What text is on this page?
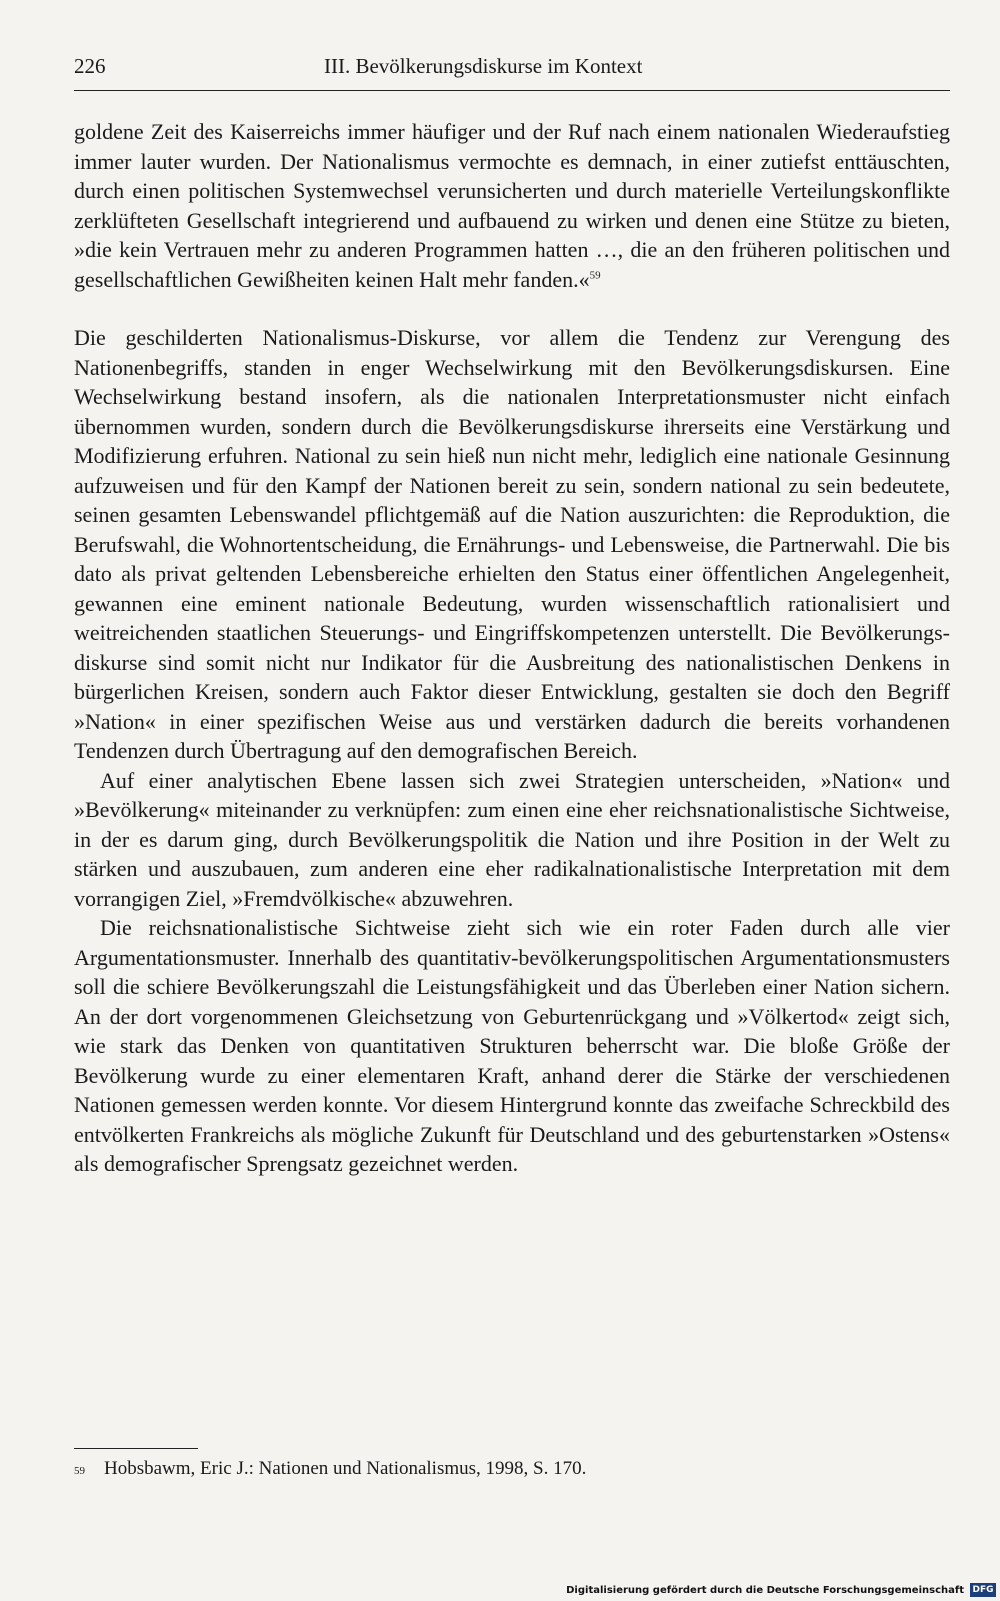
226	III. Bevölkerungsdiskurse im Kontext

goldene Zeit des Kaiserreichs immer häufiger und der Ruf nach einem nationalen Wiederaufstieg immer lauter wurden. Der Nationalismus vermochte es demnach, in einer zutiefst enttäuschten, durch einen politischen Systemwechsel verunsicherten und durch materielle Verteilungskonflikte zerklüfteten Gesellschaft integrierend und aufbauend zu wirken und denen eine Stütze zu bieten, »die kein Vertrauen mehr zu anderen Programmen hatten …, die an den früheren politischen und gesellschaftlichen Gewißheiten keinen Halt mehr fanden.«$^{59}$

Die geschilderten Nationalismus-Diskurse, vor allem die Tendenz zur Verengung des Nationenbegriffs, standen in enger Wechselwirkung mit den Bevölkerungsdiskursen. Eine Wechselwirkung bestand insofern, als die nationalen Interpretationsmuster nicht einfach übernommen wurden, sondern durch die Bevölkerungsdiskurse ihrerseits eine Verstärkung und Modifizierung erfuhren. National zu sein hieß nun nicht mehr, lediglich eine nationale Gesinnung aufzuweisen und für den Kampf der Nationen bereit zu sein, sondern national zu sein bedeutete, seinen gesamten Lebenswandel pflichtgemäß auf die Nation auszurichten: die Reproduktion, die Berufswahl, die Wohnortentscheidung, die Ernährungs- und Lebensweise, die Partnerwahl. Die bis dato als privat geltenden Lebensbereiche erhielten den Status einer öffentlichen Angelegenheit, gewannen eine eminent nationale Bedeutung, wurden wissenschaftlich rationalisiert und weitreichenden staatlichen Steuerungs- und Eingriffskompetenzen unterstellt. Die Bevölkerungsdiskurse sind somit nicht nur Indikator für die Ausbreitung des nationalistischen Denkens in bürgerlichen Kreisen, sondern auch Faktor dieser Entwicklung, gestalten sie doch den Begriff »Nation« in einer spezifischen Weise aus und verstärken dadurch die bereits vorhandenen Tendenzen durch Übertragung auf den demografischen Bereich.

Auf einer analytischen Ebene lassen sich zwei Strategien unterscheiden, »Nation« und »Bevölkerung« miteinander zu verknüpfen: zum einen eine eher reichsnationalistische Sichtweise, in der es darum ging, durch Bevölkerungspolitik die Nation und ihre Position in der Welt zu stärken und auszubauen, zum anderen eine eher radikalnationalistische Interpretation mit dem vorrangigen Ziel, »Fremdvölkische« abzuwehren.

Die reichsnationalistische Sichtweise zieht sich wie ein roter Faden durch alle vier Argumentationsmuster. Innerhalb des quantitativ-bevölkerungspolitischen Argumentationsmusters soll die schiere Bevölkerungszahl die Leistungsfähigkeit und das Überleben einer Nation sichern. An der dort vorgenommenen Gleichsetzung von Geburtenrückgang und »Völkertod« zeigt sich, wie stark das Denken von quantitativen Strukturen beherrscht war. Die bloße Größe der Bevölkerung wurde zu einer elementaren Kraft, anhand derer die Stärke der verschiedenen Nationen gemessen werden konnte. Vor diesem Hintergrund konnte das zweifache Schreckbild des entvölkerten Frankreichs als mögliche Zukunft für Deutschland und des geburtenstarken »Ostens« als demografischer Sprengsatz gezeichnet werden.

59 Hobsbawm, Eric J.: Nationen und Nationalismus, 1998, S. 170.
Digitalisierung gefördert durch die Deutsche Forschungsgemeinschaft DFG
